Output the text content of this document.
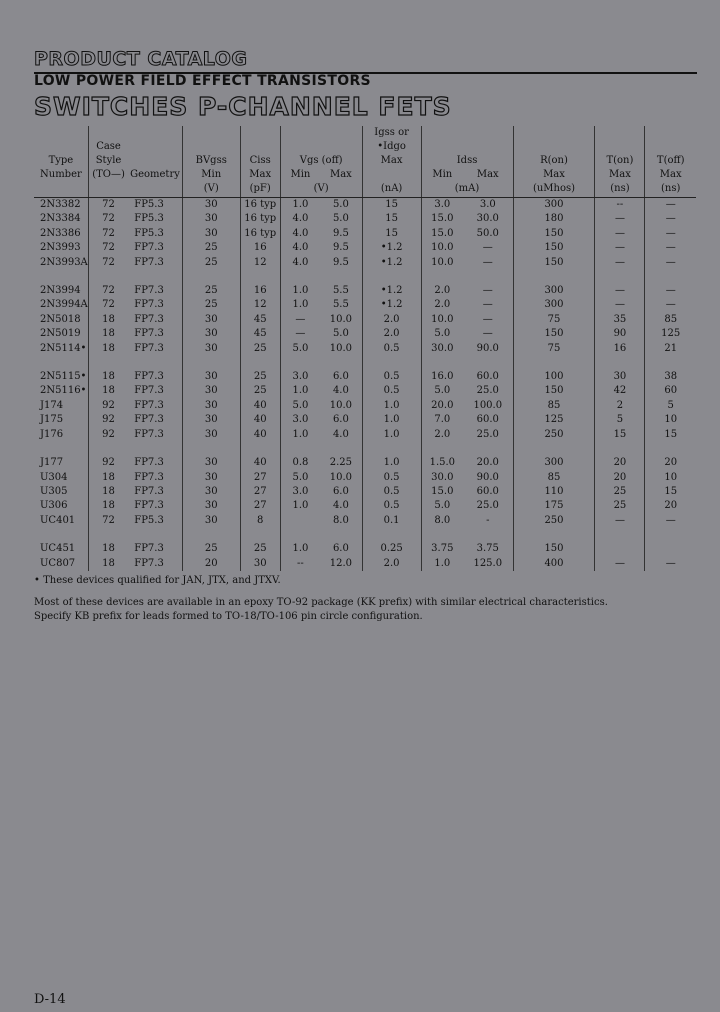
PRODUCT CATALOG
LOW POWER FIELD EFFECT TRANSISTORS
SWITCHES P-CHANNEL FETS
							Igss or					
	Case						•Idgo					
Type	Style		BVgss	Ciss	Vgs (off)		Max	Idss		R(on)	T(on)	T(off)
Number	(TO—)	Geometry	Min	Max	Min	Max		Min	Max	Max	Max	Max
			(V)	(pF)	(V)		(nA)	(mA)		(uMhos)	(ns)	(ns)
2N3382	72	FP5.3	30	16 typ	1.0	5.0	15	3.0	3.0	300	--	—
2N3384	72	FP5.3	30	16 typ	4.0	5.0	15	15.0	30.0	180	—	—
2N3386	72	FP5.3	30	16 typ	4.0	9.5	15	15.0	50.0	150	—	—
2N3993	72	FP7.3	25	16	4.0	9.5	•1.2	10.0	—	150	—	—
2N3993A	72	FP7.3	25	12	4.0	9.5	•1.2	10.0	—	150	—	—

2N3994	72	FP7.3	25	16	1.0	5.5	•1.2	2.0	—	300	—	—
2N3994A	72	FP7.3	25	12	1.0	5.5	•1.2	2.0	—	300	—	—
2N5018	18	FP7.3	30	45	—	10.0	2.0	10.0	—	75	35	85
2N5019	18	FP7.3	30	45	—	5.0	2.0	5.0	—	150	90	125
2N5114•	18	FP7.3	30	25	5.0	10.0	0.5	30.0	90.0	75	16	21

2N5115•	18	FP7.3	30	25	3.0	6.0	0.5	16.0	60.0	100	30	38
2N5116•	18	FP7.3	30	25	1.0	4.0	0.5	5.0	25.0	150	42	60
J174	92	FP7.3	30	40	5.0	10.0	1.0	20.0	100.0	85	2	5
J175	92	FP7.3	30	40	3.0	6.0	1.0	7.0	60.0	125	5	10
J176	92	FP7.3	30	40	1.0	4.0	1.0	2.0	25.0	250	15	15

J177	92	FP7.3	30	40	0.8	2.25	1.0	1.5.0	20.0	300	20	20
U304	18	FP7.3	30	27	5.0	10.0	0.5	30.0	90.0	85	20	10
U305	18	FP7.3	30	27	3.0	6.0	0.5	15.0	60.0	110	25	15
U306	18	FP7.3	30	27	1.0	4.0	0.5	5.0	25.0	175	25	20
UC401	72	FP5.3	30	8		8.0	0.1	8.0	-	250	—	—

UC451	18	FP7.3	25	25	1.0	6.0	0.25	3.75	3.75	150		
UC807	18	FP7.3	20	30	--	12.0	2.0	1.0	125.0	400	—	—
• These devices qualified for JAN, JTX, and JTXV.
Most of these devices are available in an epoxy TO-92 package (KK prefix) with similar electrical characteristics.
Specify KB prefix for leads formed to TO-18/TO-106 pin circle configuration.
D-14
